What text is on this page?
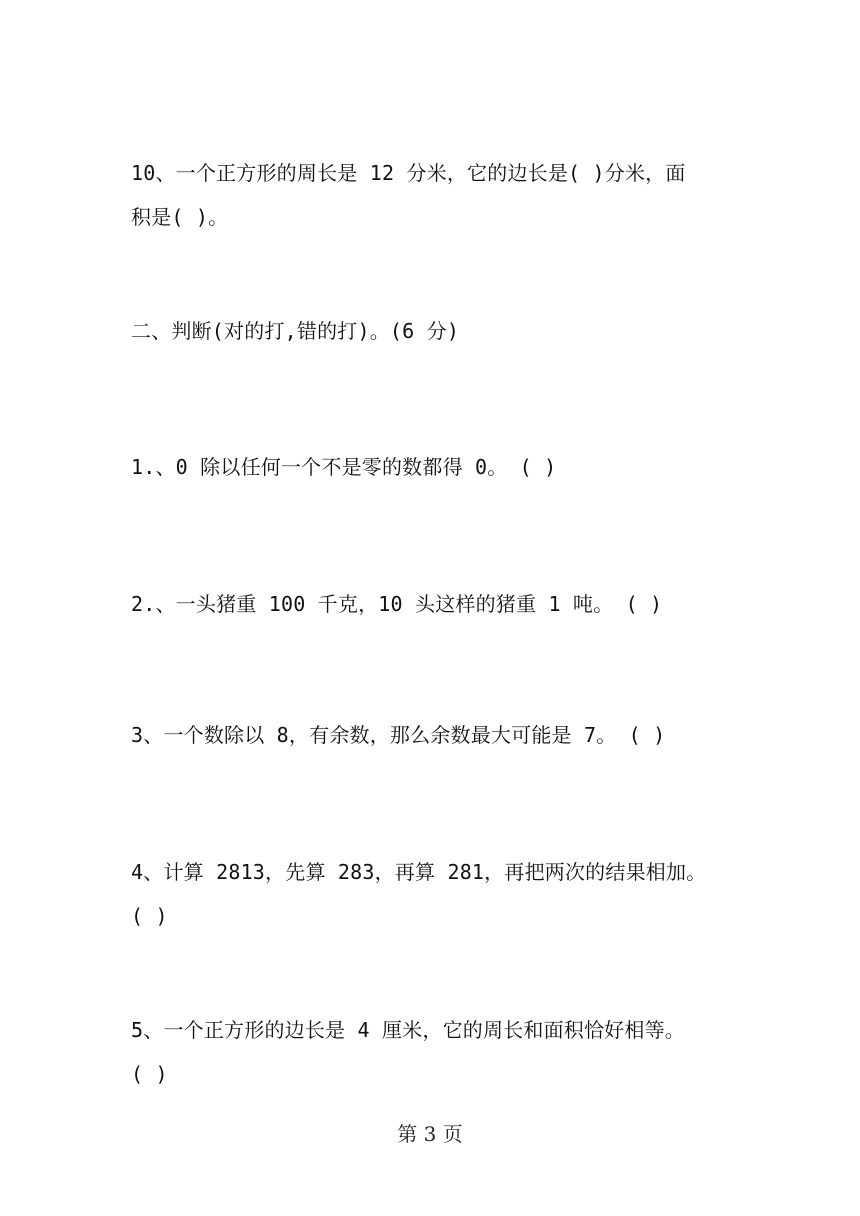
10、一个正方形的周长是 12 分米，它的边长是( )分米，面
积是( )。
二、判断(对的打,错的打)。(6 分)
1.、0 除以任何一个不是零的数都得 0。 ( )
2.、一头猪重 100 千克，10 头这样的猪重 1 吨。 ( )
3、一个数除以 8，有余数，那么余数最大可能是 7。 ( )
4、计算 2813，先算 283，再算 281，再把两次的结果相加。
( )
5、一个正方形的边长是 4 厘米，它的周长和面积恰好相等。
( )
第 3 页
